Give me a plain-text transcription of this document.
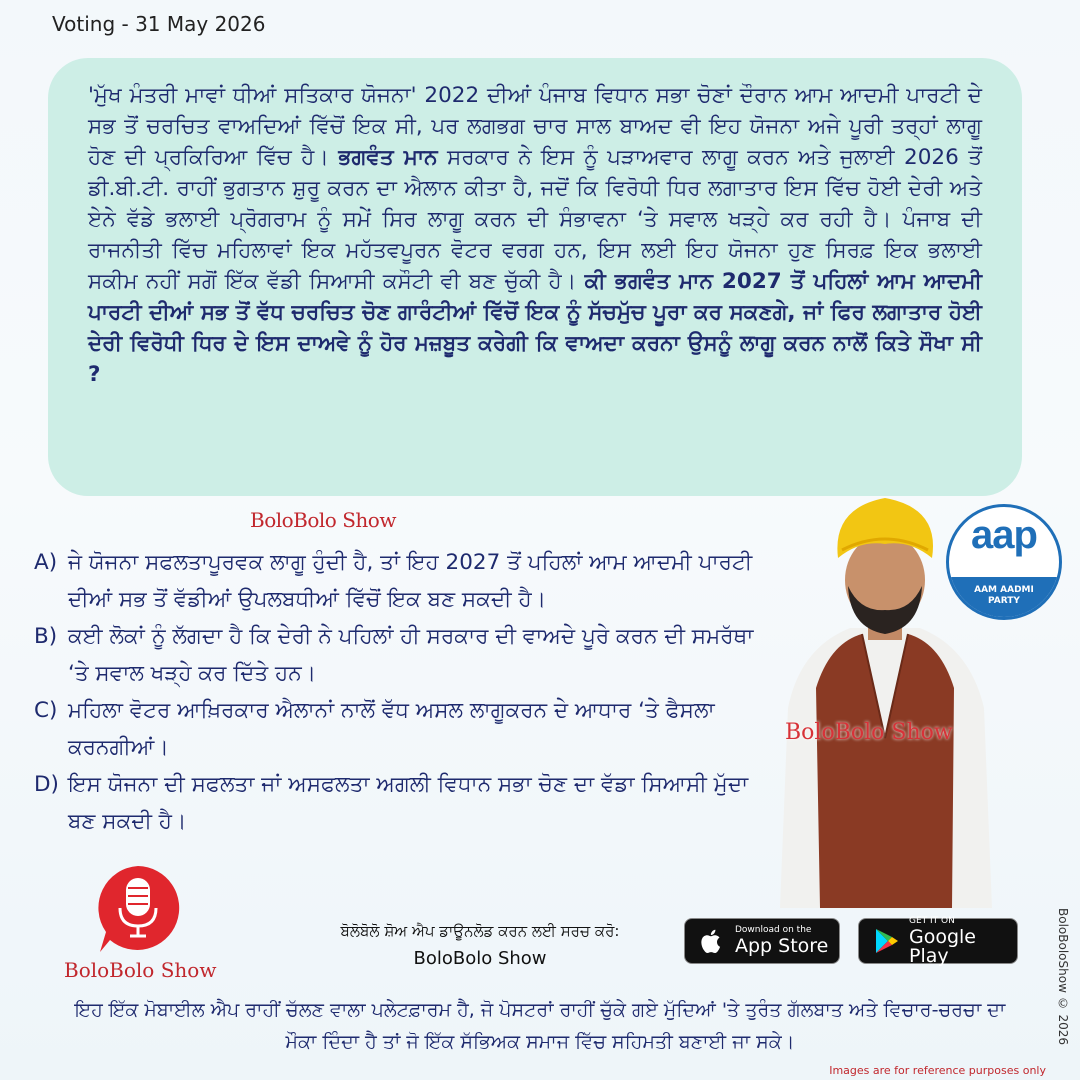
Voting - 31 May 2026

'ਮੁੱਖ ਮੰਤਰੀ ਮਾਵਾਂ ਧੀਆਂ ਸਤਿਕਾਰ ਯੋਜਨਾ' 2022 ਦੀਆਂ ਪੰਜਾਬ ਵਿਧਾਨ ਸਭਾ ਚੋਣਾਂ ਦੌਰਾਨ ਆਮ ਆਦਮੀ ਪਾਰਟੀ ਦੇ ਸਭ ਤੋਂ ਚਰਚਿਤ ਵਾਅਦਿਆਂ ਵਿੱਚੋਂ ਇਕ ਸੀ, ਪਰ ਲਗਭਗ ਚਾਰ ਸਾਲ ਬਾਅਦ ਵੀ ਇਹ ਯੋਜਨਾ ਅਜੇ ਪੂਰੀ ਤਰ੍ਹਾਂ ਲਾਗੂ ਹੋਣ ਦੀ ਪ੍ਰਕਿਰਿਆ ਵਿੱਚ ਹੈ। ਭਗਵੰਤ ਮਾਨ ਸਰਕਾਰ ਨੇ ਇਸ ਨੂੰ ਪੜਾਅਵਾਰ ਲਾਗੂ ਕਰਨ ਅਤੇ ਜੁਲਾਈ 2026 ਤੋਂ ਡੀ.ਬੀ.ਟੀ. ਰਾਹੀਂ ਭੁਗਤਾਨ ਸ਼ੁਰੂ ਕਰਨ ਦਾ ਐਲਾਨ ਕੀਤਾ ਹੈ, ਜਦੋਂ ਕਿ ਵਿਰੋਧੀ ਧਿਰ ਲਗਾਤਾਰ ਇਸ ਵਿੱਚ ਹੋਈ ਦੇਰੀ ਅਤੇ ਏਨੇ ਵੱਡੇ ਭਲਾਈ ਪ੍ਰੋਗਰਾਮ ਨੂੰ ਸਮੇਂ ਸਿਰ ਲਾਗੂ ਕਰਨ ਦੀ ਸੰਭਾਵਨਾ ‘ਤੇ ਸਵਾਲ ਖੜ੍ਹੇ ਕਰ ਰਹੀ ਹੈ। ਪੰਜਾਬ ਦੀ ਰਾਜਨੀਤੀ ਵਿੱਚ ਮਹਿਲਾਵਾਂ ਇਕ ਮਹੱਤਵਪੂਰਨ ਵੋਟਰ ਵਰਗ ਹਨ, ਇਸ ਲਈ ਇਹ ਯੋਜਨਾ ਹੁਣ ਸਿਰਫ਼ ਇਕ ਭਲਾਈ ਸਕੀਮ ਨਹੀਂ ਸਗੋਂ ਇੱਕ ਵੱਡੀ ਸਿਆਸੀ ਕਸੌਟੀ ਵੀ ਬਣ ਚੁੱਕੀ ਹੈ। ਕੀ ਭਗਵੰਤ ਮਾਨ 2027 ਤੋਂ ਪਹਿਲਾਂ ਆਮ ਆਦਮੀ ਪਾਰਟੀ ਦੀਆਂ ਸਭ ਤੋਂ ਵੱਧ ਚਰਚਿਤ ਚੋਣ ਗਾਰੰਟੀਆਂ ਵਿੱਚੋਂ ਇਕ ਨੂੰ ਸੱਚਮੁੱਚ ਪੂਰਾ ਕਰ ਸਕਣਗੇ, ਜਾਂ ਫਿਰ ਲਗਾਤਾਰ ਹੋਈ ਦੇਰੀ ਵਿਰੋਧੀ ਧਿਰ ਦੇ ਇਸ ਦਾਅਵੇ ਨੂੰ ਹੋਰ ਮਜ਼ਬੂਤ ਕਰੇਗੀ ਕਿ ਵਾਅਦਾ ਕਰਨਾ ਉਸਨੂੰ ਲਾਗੂ ਕਰਨ ਨਾਲੋਂ ਕਿਤੇ ਸੌਖਾ ਸੀ ?

BoloBolo Show
A) ਜੇ ਯੋਜਨਾ ਸਫਲਤਾਪੂਰਵਕ ਲਾਗੂ ਹੁੰਦੀ ਹੈ, ਤਾਂ ਇਹ 2027 ਤੋਂ ਪਹਿਲਾਂ ਆਮ ਆਦਮੀ ਪਾਰਟੀ ਦੀਆਂ ਸਭ ਤੋਂ ਵੱਡੀਆਂ ਉਪਲਬਧੀਆਂ ਵਿੱਚੋਂ ਇਕ ਬਣ ਸਕਦੀ ਹੈ।
B) ਕਈ ਲੋਕਾਂ ਨੂੰ ਲੱਗਦਾ ਹੈ ਕਿ ਦੇਰੀ ਨੇ ਪਹਿਲਾਂ ਹੀ ਸਰਕਾਰ ਦੀ ਵਾਅਦੇ ਪੂਰੇ ਕਰਨ ਦੀ ਸਮਰੱਥਾ ‘ਤੇ ਸਵਾਲ ਖੜ੍ਹੇ ਕਰ ਦਿੱਤੇ ਹਨ।
C) ਮਹਿਲਾ ਵੋਟਰ ਆਖ਼ਿਰਕਾਰ ਐਲਾਨਾਂ ਨਾਲੋਂ ਵੱਧ ਅਸਲ ਲਾਗੂਕਰਨ ਦੇ ਆਧਾਰ ‘ਤੇ ਫੈਸਲਾ ਕਰਨਗੀਆਂ।
D) ਇਸ ਯੋਜਨਾ ਦੀ ਸਫਲਤਾ ਜਾਂ ਅਸਫਲਤਾ ਅਗਲੀ ਵਿਧਾਨ ਸਭਾ ਚੋਣ ਦਾ ਵੱਡਾ ਸਿਆਸੀ ਮੁੱਦਾ ਬਣ ਸਕਦੀ ਹੈ।
aap
AAM AADMI
PARTY
BoloBolo Show
BoloBolo Show
ਬੋਲੋਬੋਲੋ ਸ਼ੋਅ ਐਪ ਡਾਊਨਲੋਡ ਕਰਨ ਲਈ ਸਰਚ ਕਰੋ:
BoloBolo Show
Download on the
App Store
GET IT ON
Google Play
ਇਹ ਇੱਕ ਮੋਬਾਈਲ ਐਪ ਰਾਹੀਂ ਚੱਲਣ ਵਾਲਾ ਪਲੇਟਫ਼ਾਰਮ ਹੈ, ਜੋ ਪੋਸਟਰਾਂ ਰਾਹੀਂ ਚੁੱਕੇ ਗਏ ਮੁੱਦਿਆਂ 'ਤੇ ਤੁਰੰਤ ਗੱਲਬਾਤ ਅਤੇ ਵਿਚਾਰ-ਚਰਚਾ ਦਾ ਮੌਕਾ ਦਿੰਦਾ ਹੈ ਤਾਂ ਜੋ ਇੱਕ ਸੱਭਿਅਕ ਸਮਾਜ ਵਿੱਚ ਸਹਿਮਤੀ ਬਣਾਈ ਜਾ ਸਕੇ।	BoloBoloShow © 2026
Images are for reference purposes only
